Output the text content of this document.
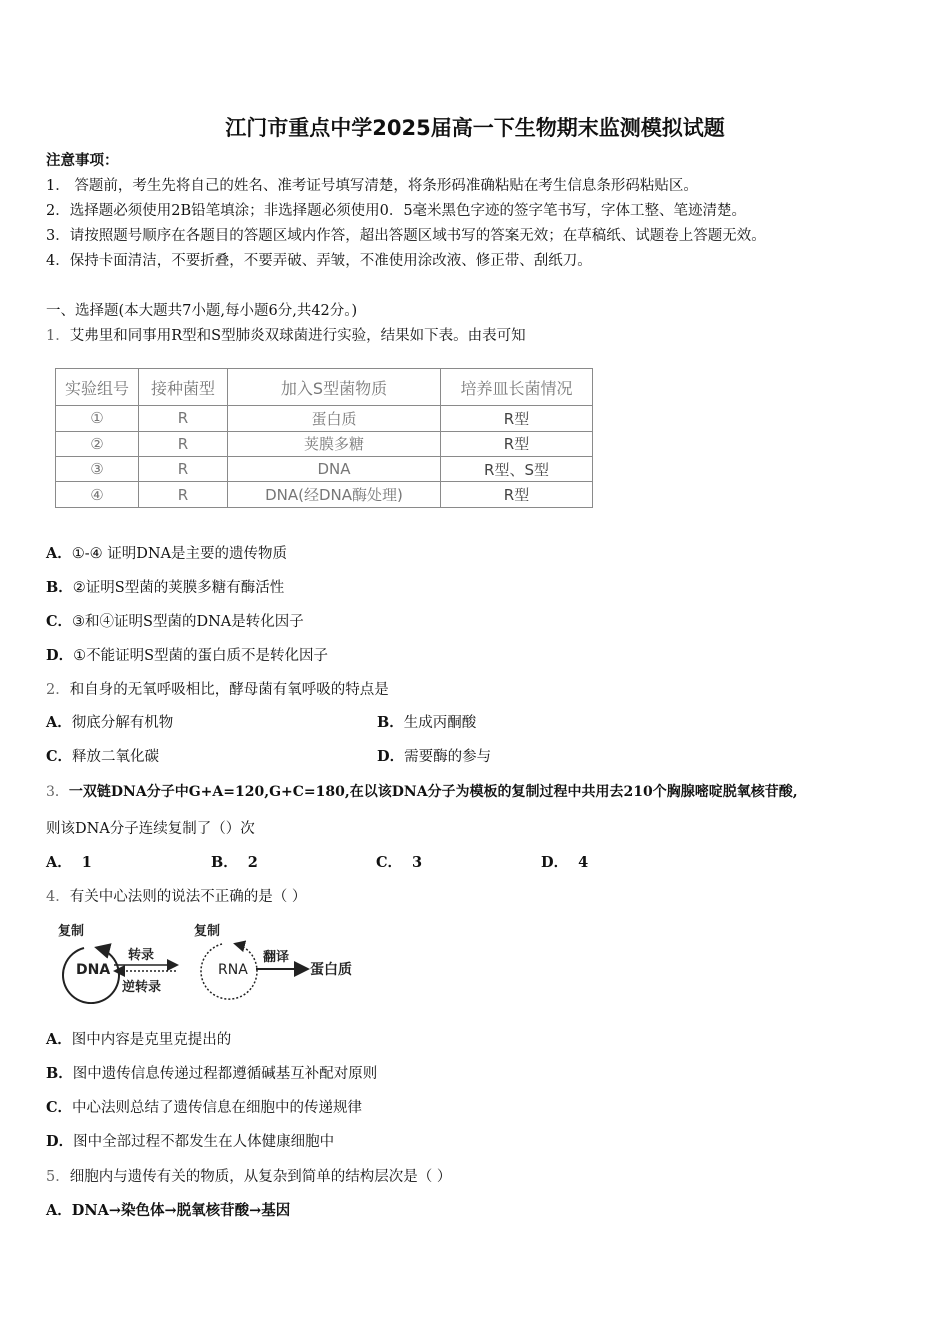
江门市重点中学2025届高一下生物期末监测模拟试题
注意事项：
1． 答题前，考生先将自己的姓名、准考证号填写清楚，将条形码准确粘贴在考生信息条形码粘贴区。
2．选择题必须使用2B铅笔填涂；非选择题必须使用0．5毫米黑色字迹的签字笔书写，字体工整、笔迹清楚。
3．请按照题号顺序在各题目的答题区域内作答，超出答题区域书写的答案无效；在草稿纸、试题卷上答题无效。
4．保持卡面清洁，不要折叠，不要弄破、弄皱，不准使用涂改液、修正带、刮纸刀。
一、选择题(本大题共7小题,每小题6分,共42分。)
1．艾弗里和同事用R型和S型肺炎双球菌进行实验，结果如下表。由表可知
实验组号	接种菌型	加入S型菌物质	培养皿长菌情况
①	R	蛋白质	R型
②	R	荚膜多糖	R型
③	R	DNA	R型、S型
④	R	DNA(经DNA酶处理)	R型
A．①-④ 证明DNA是主要的遗传物质
B．②证明S型菌的荚膜多糖有酶活性
C．③和④证明S型菌的DNA是转化因子
D．①不能证明S型菌的蛋白质不是转化因子
2．和自身的无氧呼吸相比，酵母菌有氧呼吸的特点是
A．彻底分解有机物	B．生成丙酮酸
C．释放二氧化碳	D．需要酶的参与
3．一双链DNA分子中G+A=120,G+C=180,在以该DNA分子为模板的复制过程中共用去210个胸腺嘧啶脱氧核苷酸,
则该DNA分子连续复制了（）次
A． 1	B． 2	C． 3	D． 4
4．有关中心法则的说法不正确的是（ ）
复制
DNA
转录
逆转录
复制
RNA
翻译
蛋白质
A．图中内容是克里克提出的
B．图中遗传信息传递过程都遵循碱基互补配对原则
C．中心法则总结了遗传信息在细胞中的传递规律
D．图中全部过程不都发生在人体健康细胞中
5．细胞内与遗传有关的物质，从复杂到简单的结构层次是（ ）
A．DNA→染色体→脱氧核苷酸→基因
